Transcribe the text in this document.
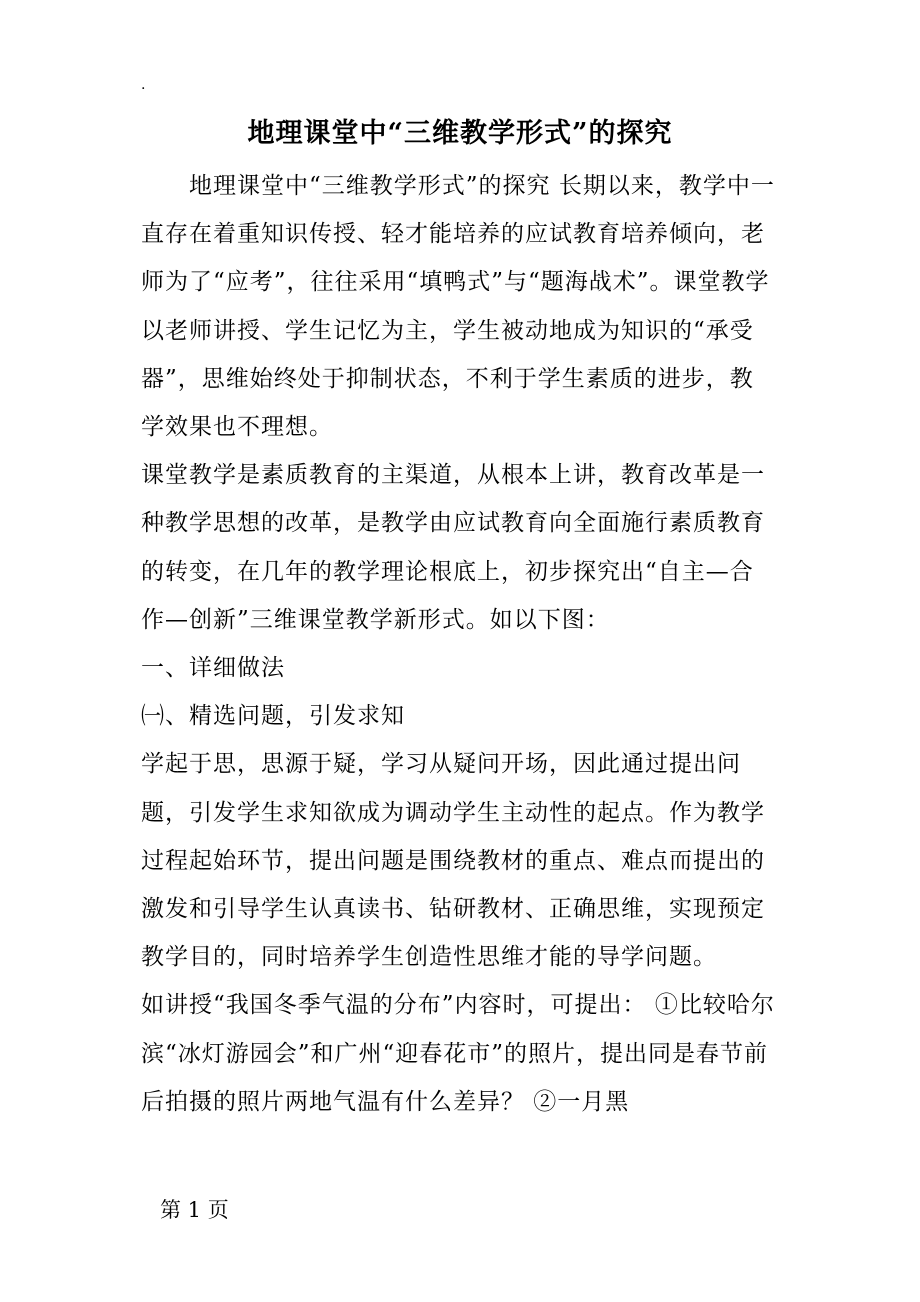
.
地理课堂中“三维教学形式”的探究

地理课堂中“三维教学形式”的探究 长期以来，教学中一直存在着重知识传授、轻才能培养的应试教育培养倾向，老师为了“应考”，往往采用“填鸭式”与“题海战术”。课堂教学以老师讲授、学生记忆为主，学生被动地成为知识的“承受器”，思维始终处于抑制状态，不利于学生素质的进步，教学效果也不理想。

课堂教学是素质教育的主渠道，从根本上讲，教育改革是一种教学思想的改革，是教学由应试教育向全面施行素质教育的转变，在几年的教学理论根底上，初步探究出“自主—合作—创新”三维课堂教学新形式。如以下图：

一、详细做法

㈠、精选问题，引发求知

学起于思，思源于疑，学习从疑问开场，因此通过提出问题，引发学生求知欲成为调动学生主动性的起点。作为教学过程起始环节，提出问题是围绕教材的重点、难点而提出的激发和引导学生认真读书、钻研教材、正确思维，实现预定教学目的，同时培养学生创造性思维才能的导学问题。

如讲授“我国冬季气温的分布”内容时，可提出： ①比较哈尔滨“冰灯游园会”和广州“迎春花市”的照片，提出同是春节前后拍摄的照片两地气温有什么差异？ ②一月黑

第 1 页
